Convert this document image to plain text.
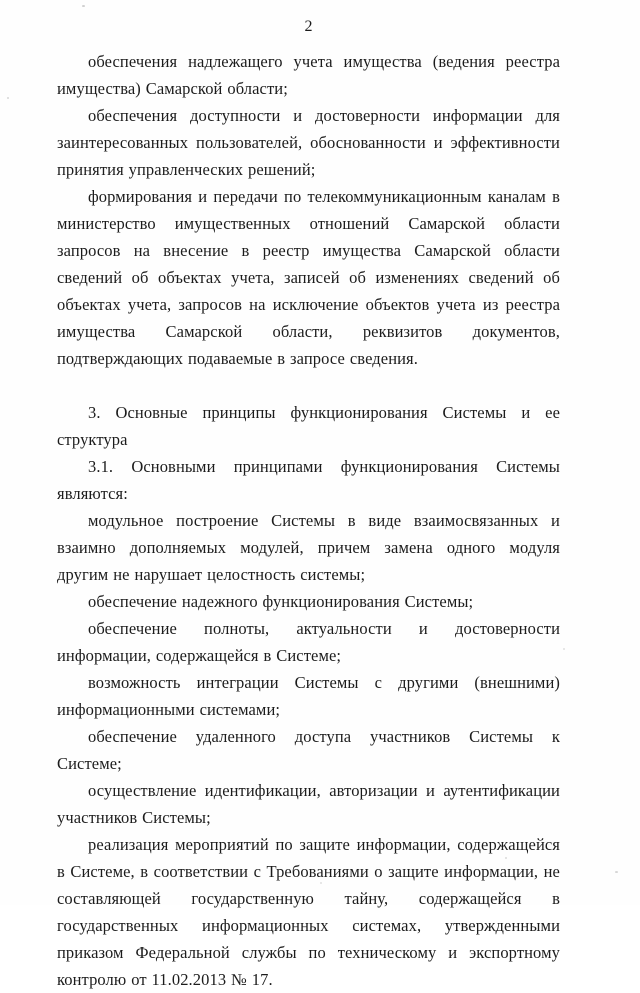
2

обеспечения надлежащего учета имущества (ведения реестра имущества) Самарской области;

обеспечения доступности и достоверности информации для заинтересованных пользователей, обоснованности и эффективности принятия управленческих решений;

формирования и передачи по телекоммуникационным каналам в министерство имущественных отношений Самарской области запросов на внесение в реестр имущества Самарской области сведений об объектах учета, записей об изменениях сведений об объектах учета, запросов на исключение объектов учета из реестра имущества Самарской области, реквизитов документов, подтверждающих подаваемые в запросе сведения.

3. Основные принципы функционирования Системы и ее структура

3.1. Основными принципами функционирования Системы являются:

модульное построение Системы в виде взаимосвязанных и взаимно дополняемых модулей, причем замена одного модуля другим не нарушает целостность системы;

обеспечение надежного функционирования Системы;

обеспечение полноты, актуальности и достоверности информации, содержащейся в Системе;

возможность интеграции Системы с другими (внешними) информационными системами;

обеспечение удаленного доступа участников Системы к Системе;

осуществление идентификации, авторизации и аутентификации участников Системы;

реализация мероприятий по защите информации, содержащейся в Системе, в соответствии с Требованиями о защите информации, не составляющей государственную тайну, содержащейся в государственных информационных системах, утвержденными приказом Федеральной службы по техническому и экспортному контролю от 11.02.2013 № 17.
